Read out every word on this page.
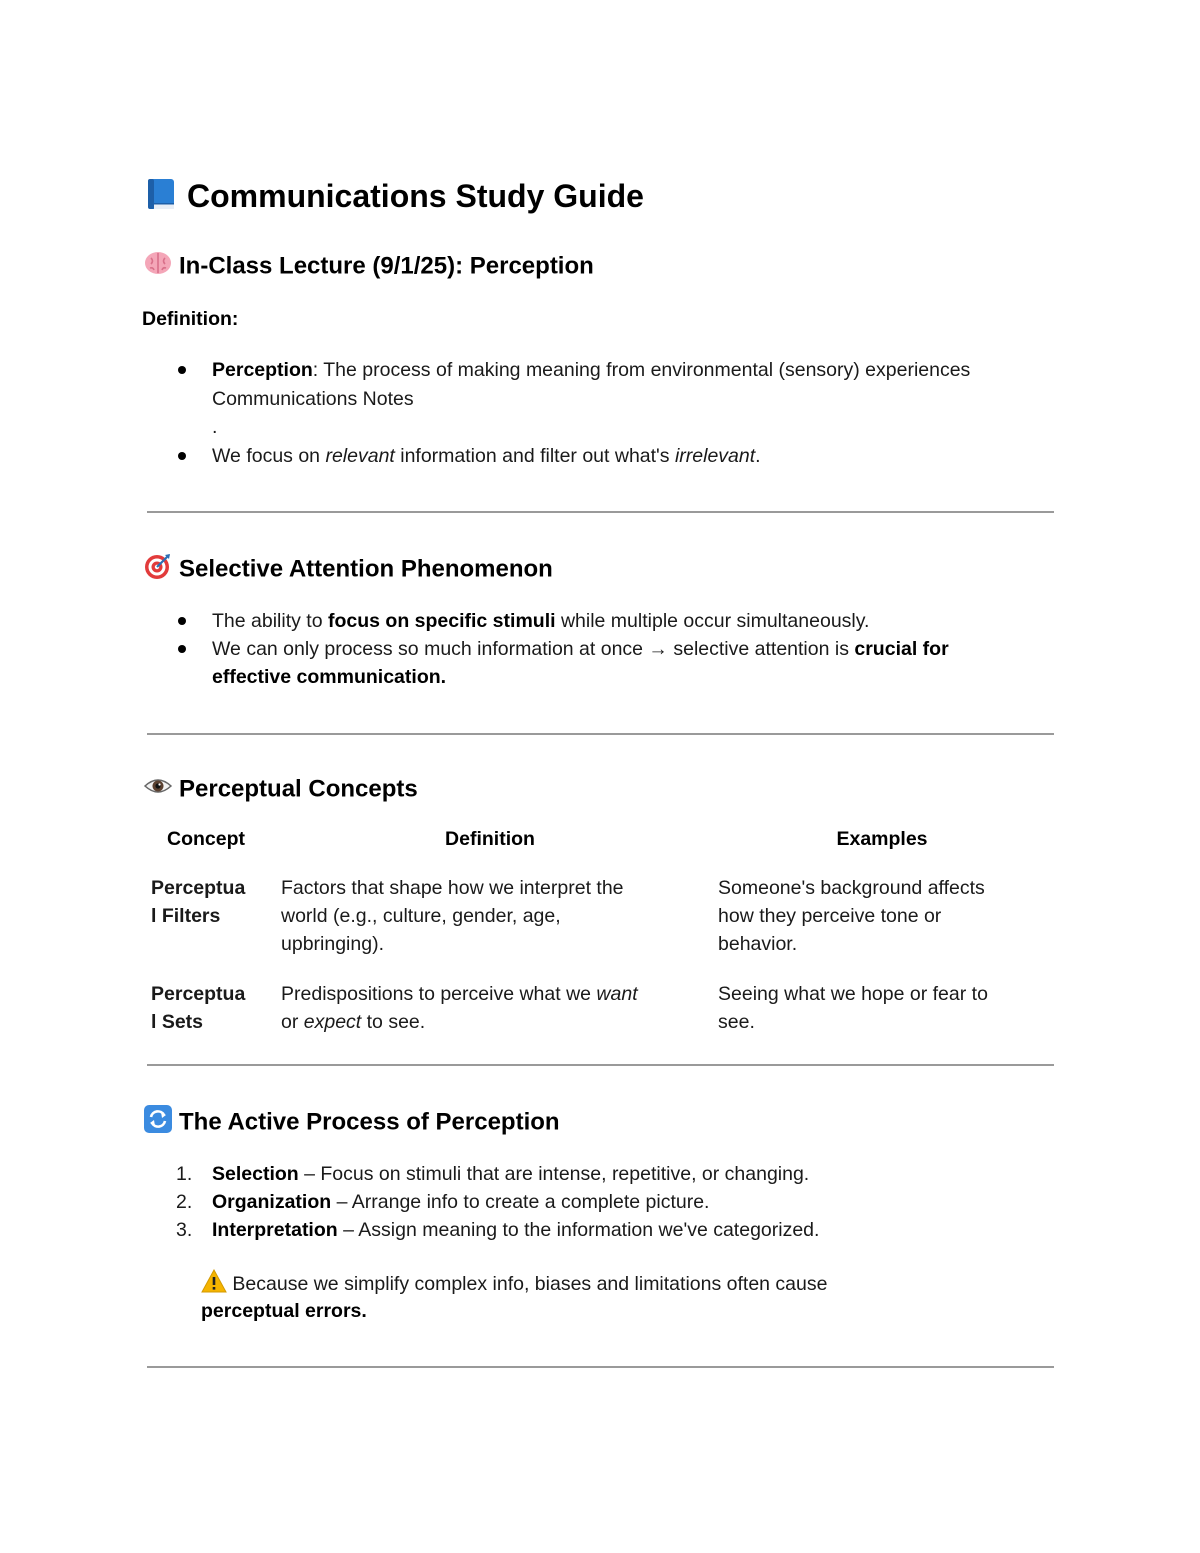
Communications Study Guide
In-Class Lecture (9/1/25): Perception
Definition:
Perception: The process of making meaning from environmental (sensory) experiences
Communications Notes
.
We focus on relevant information and filter out what's irrelevant.
Selective Attention Phenomenon
The ability to focus on specific stimuli while multiple occur simultaneously.
We can only process so much information at once → selective attention is crucial for
effective communication.
Perceptual Concepts
Concept	Definition	Examples
Perceptua
l Filters
Factors that shape how we interpret the
world (e.g., culture, gender, age,
upbringing).
Someone's background affects
how they perceive tone or
behavior.
Perceptua
l Sets
Predispositions to perceive what we want
or expect to see.
Seeing what we hope or fear to
see.
The Active Process of Perception
1. Selection – Focus on stimuli that are intense, repetitive, or changing.
2. Organization – Arrange info to create a complete picture.
3. Interpretation – Assign meaning to the information we've categorized.
Because we simplify complex info, biases and limitations often cause
perceptual errors.
